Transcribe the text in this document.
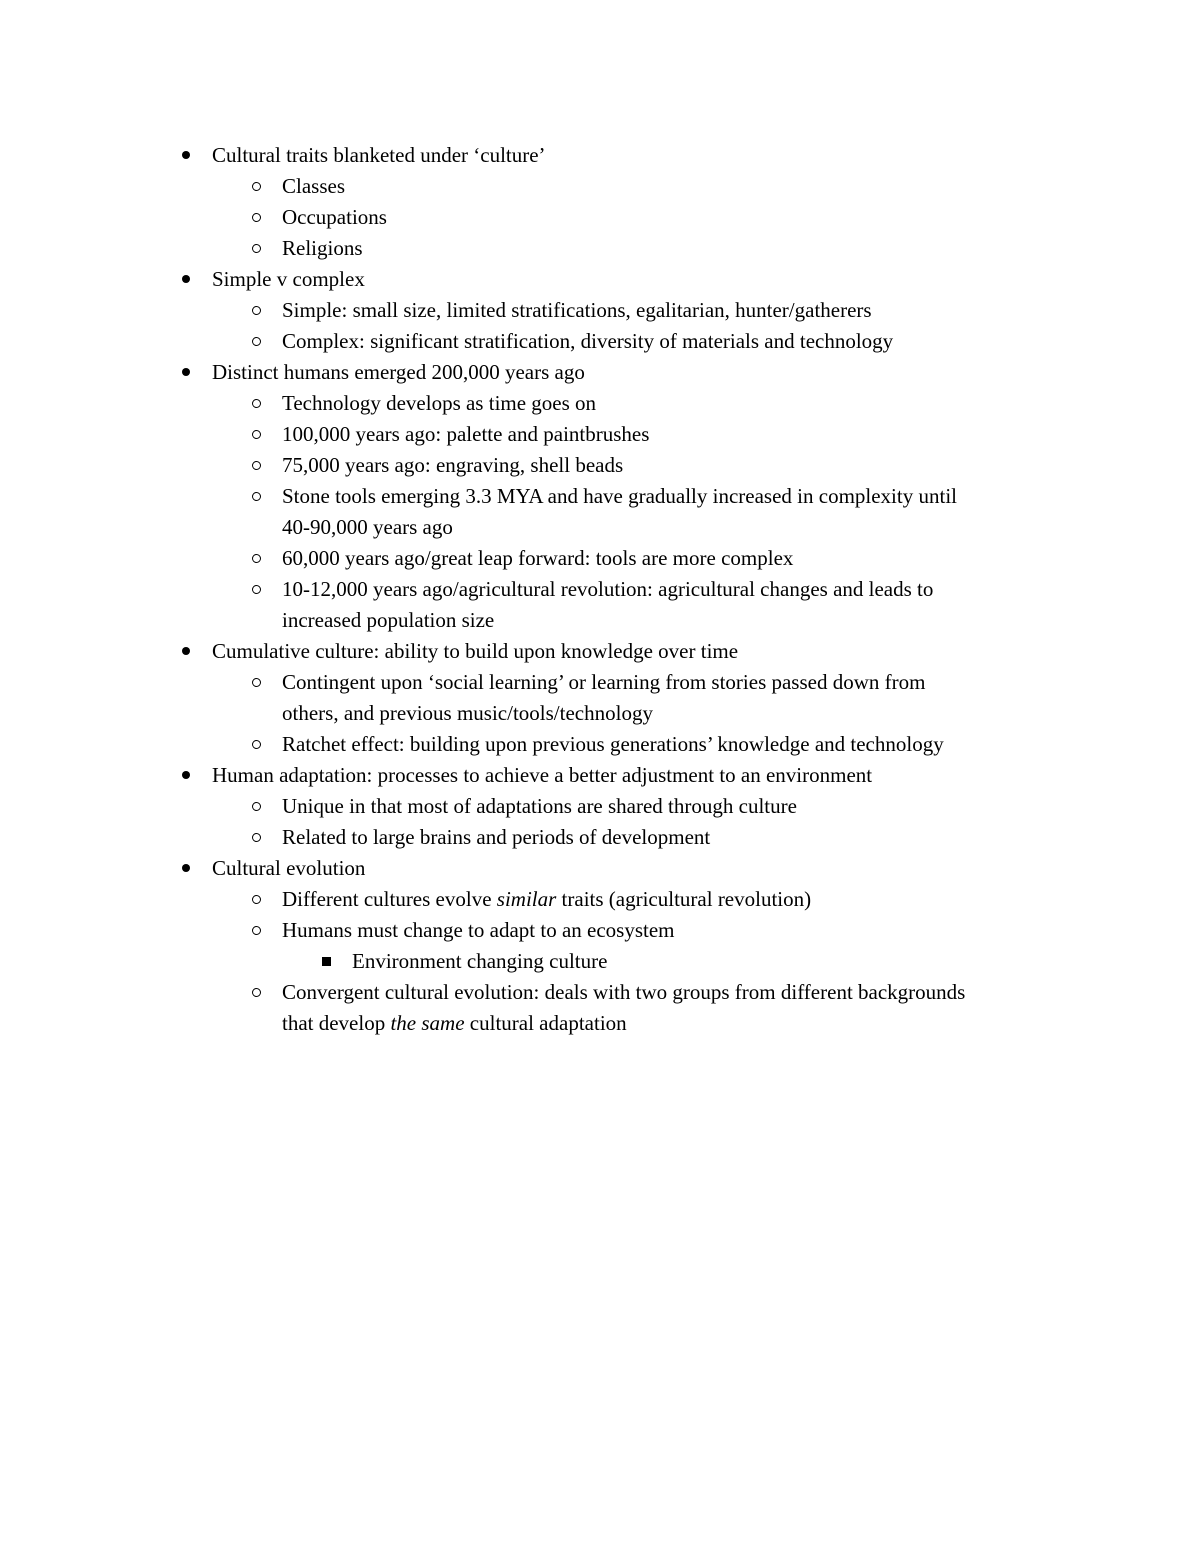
Cultural traits blanketed under ‘culture’
Classes
Occupations
Religions
Simple v complex
Simple: small size, limited stratifications, egalitarian, hunter/gatherers
Complex: significant stratification, diversity of materials and technology
Distinct humans emerged 200,000 years ago
Technology develops as time goes on
100,000 years ago: palette and paintbrushes
75,000 years ago: engraving, shell beads
Stone tools emerging 3.3 MYA and have gradually increased in complexity until
40-90,000 years ago
60,000 years ago/great leap forward: tools are more complex
10-12,000 years ago/agricultural revolution: agricultural changes and leads to
increased population size
Cumulative culture: ability to build upon knowledge over time
Contingent upon ‘social learning’ or learning from stories passed down from
others, and previous music/tools/technology
Ratchet effect: building upon previous generations’ knowledge and technology
Human adaptation: processes to achieve a better adjustment to an environment
Unique in that most of adaptations are shared through culture
Related to large brains and periods of development
Cultural evolution
Different cultures evolve similar traits (agricultural revolution)
Humans must change to adapt to an ecosystem
Environment changing culture
Convergent cultural evolution: deals with two groups from different backgrounds
that develop the same cultural adaptation
